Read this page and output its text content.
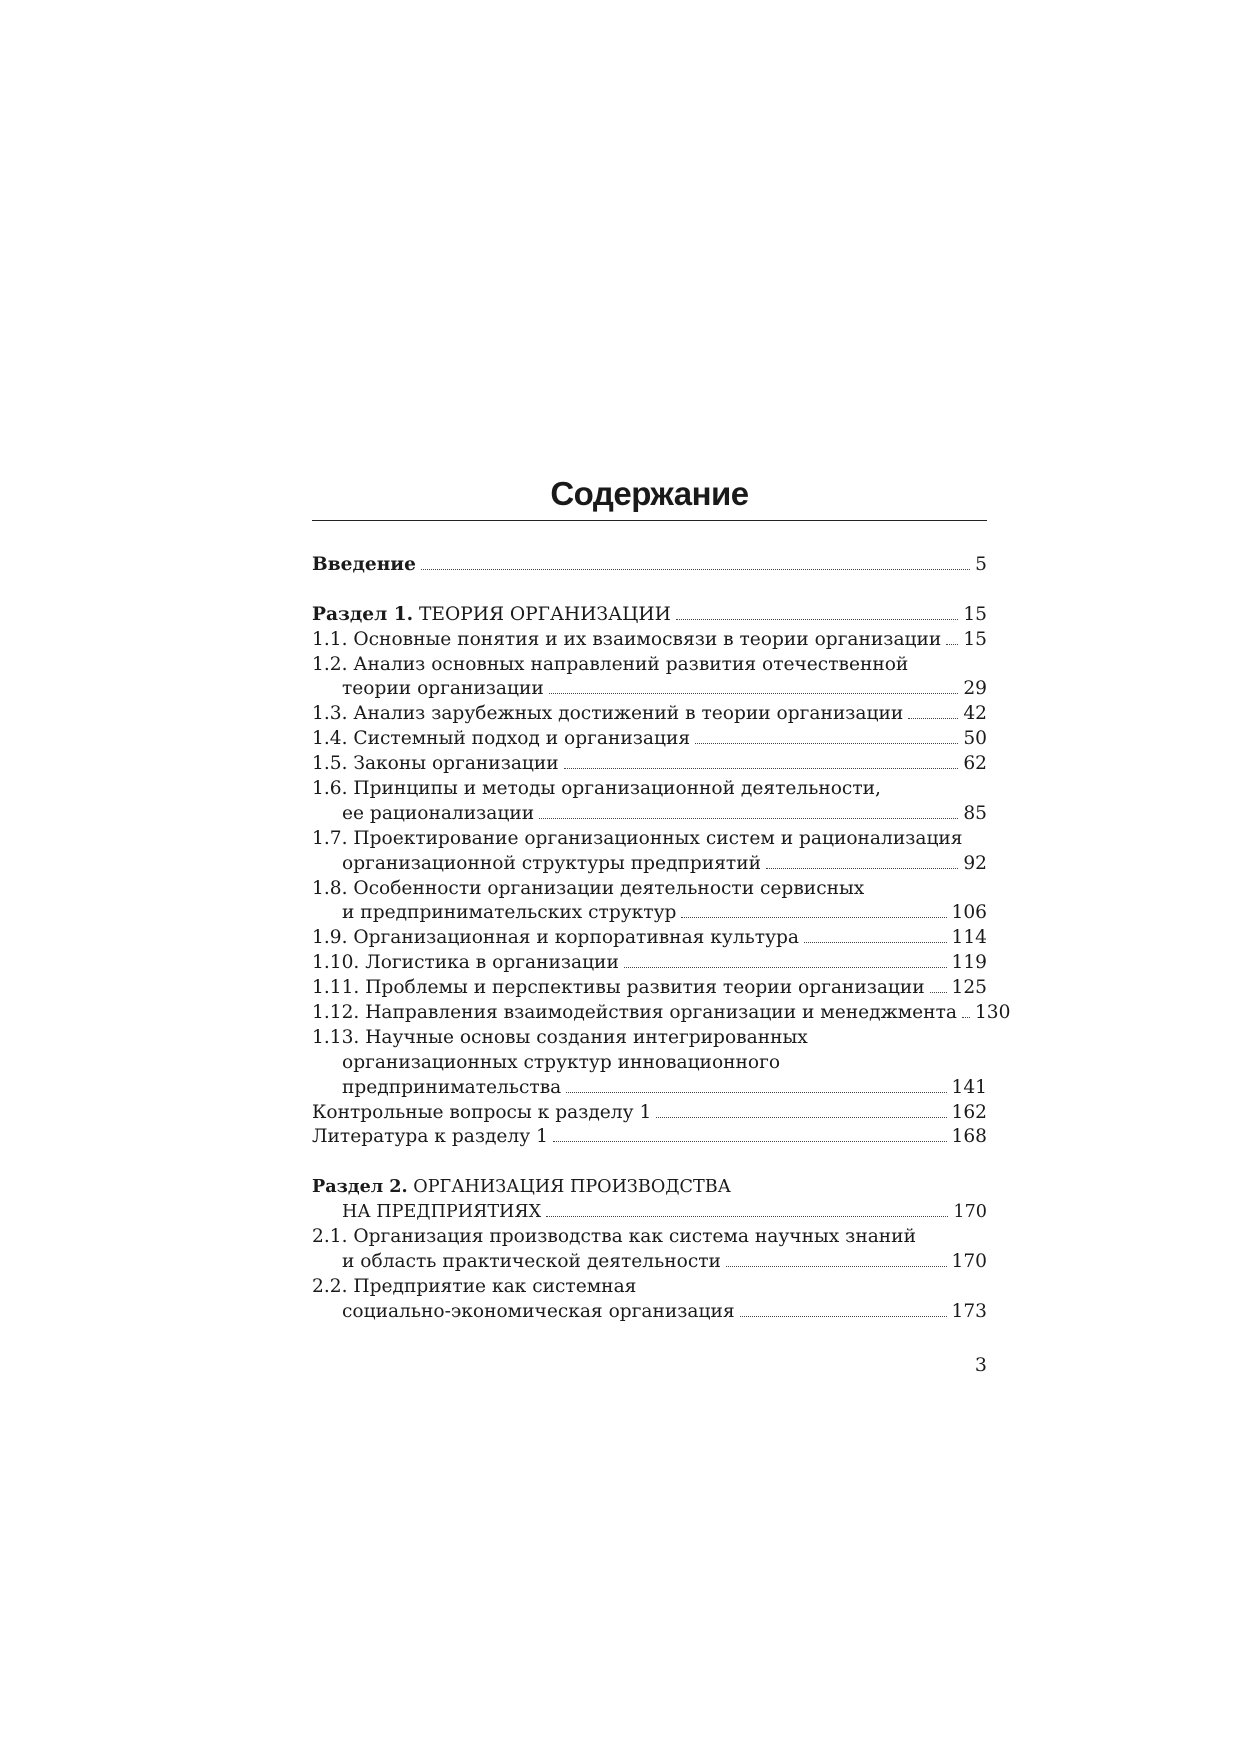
Содержание
Введение	5
Раздел 1. ТЕОРИЯ ОРГАНИЗАЦИИ	15
1.1. Основные понятия и их взаимосвязи в теории организации 15
1.2. Анализ основных направлений развития отечественной
теории организации	29
1.3. Анализ зарубежных достижений в теории организации	42
1.4. Системный подход и организация	50
1.5. Законы организации	62
1.6. Принципы и методы организационной деятельности,
ее рационализации	85
1.7. Проектирование организационных систем и рационализация
организационной структуры предприятий	92
1.8. Особенности организации деятельности сервисных
и предпринимательских структур	106
1.9. Организационная и корпоративная культура	114
1.10. Логистика в организации	119
1.11. Проблемы и перспективы развития теории организации 125
1.12. Направления взаимодействия организации и менеджмента 130
1.13. Научные основы создания интегрированных
организационных структур инновационного
предпринимательства	141
Контрольные вопросы к разделу 1	162
Литература к разделу 1	168
Раздел 2. ОРГАНИЗАЦИЯ ПРОИЗВОДСТВА
НА ПРЕДПРИЯТИЯХ	170
2.1. Организация производства как система научных знаний
и область практической деятельности	170
2.2. Предприятие как системная
социально-экономическая организация	173
3
